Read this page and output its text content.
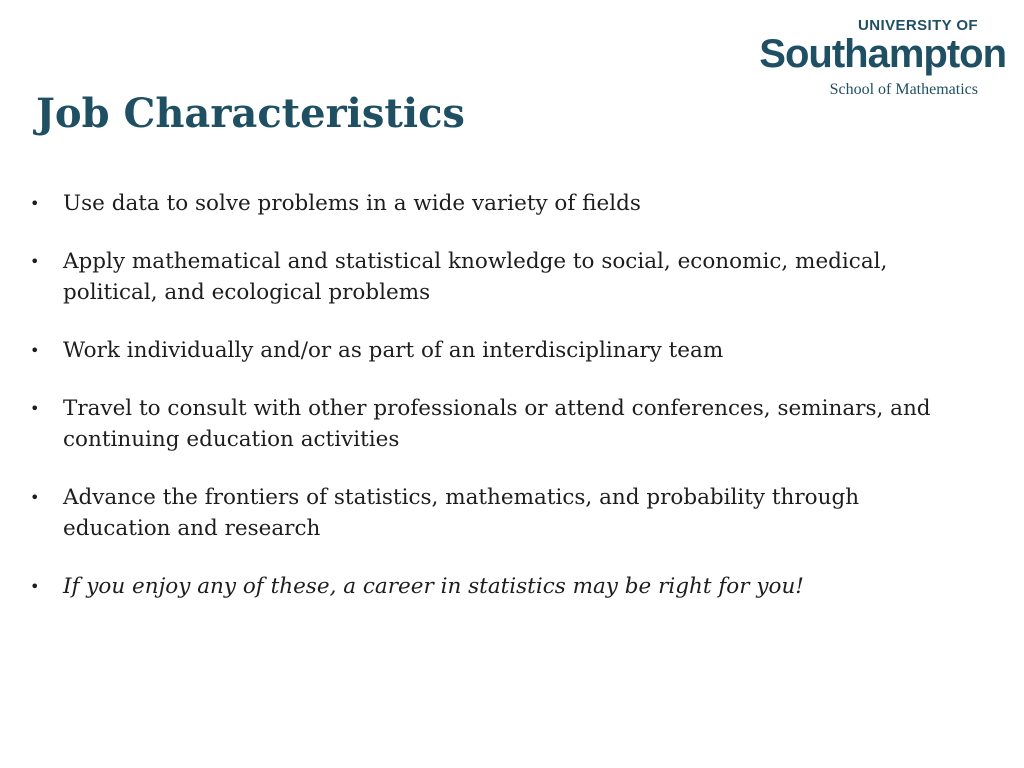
UNIVERSITY OF
Southampton
School of Mathematics
Job Characteristics
• Use data to solve problems in a wide variety of fields
• Apply mathematical and statistical knowledge to social, economic, medical, political, and ecological problems
• Work individually and/or as part of an interdisciplinary team
• Travel to consult with other professionals or attend conferences, seminars, and continuing education activities
• Advance the frontiers of statistics, mathematics, and probability through education and research
• If you enjoy any of these, a career in statistics may be right for you!
